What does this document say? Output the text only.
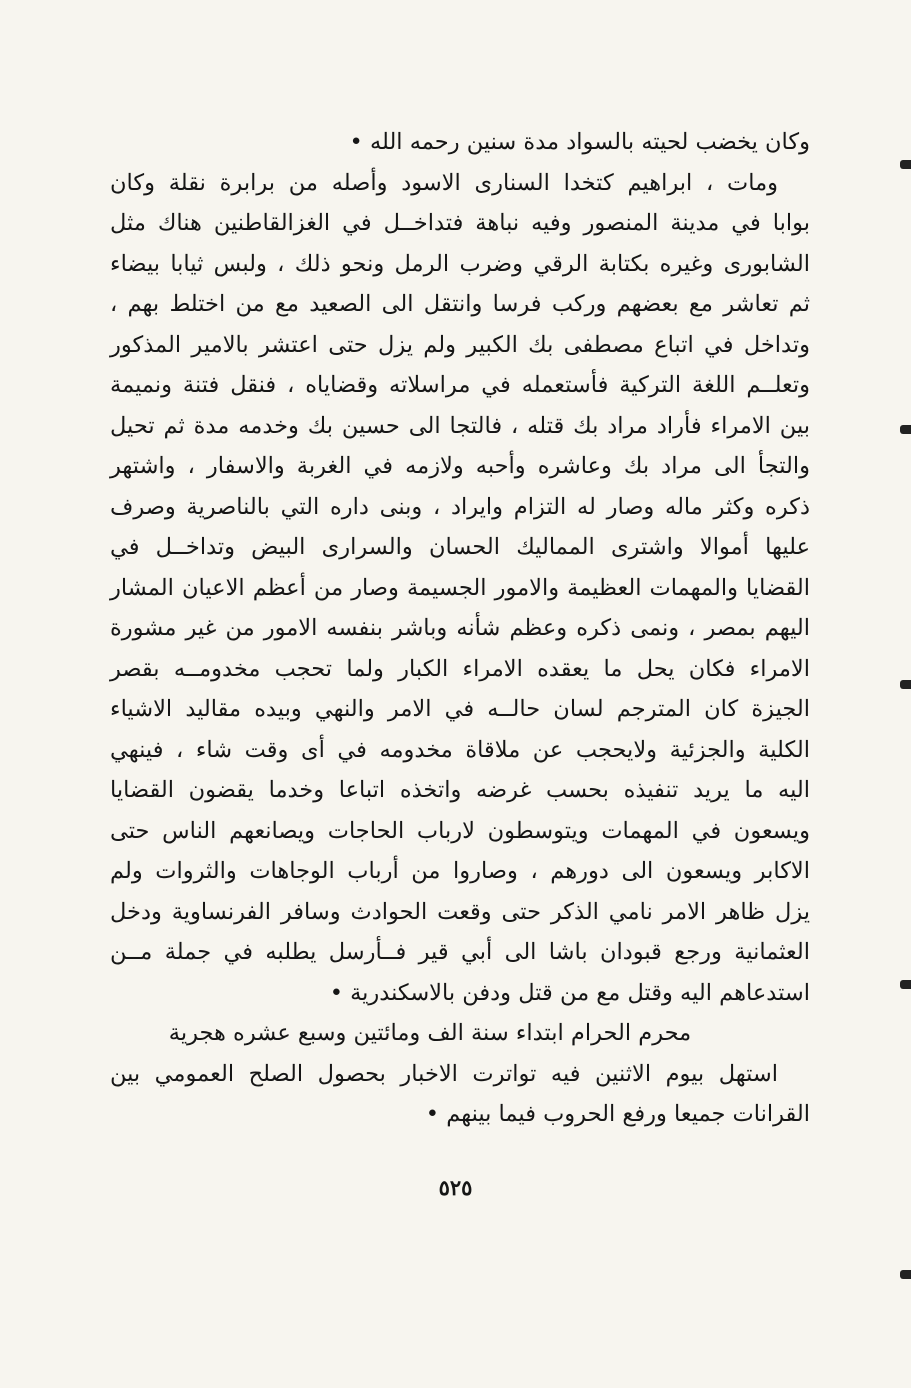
وكان يخضب لحيته بالسواد مدة سنين رحمه الله •
ومات ، ابراهيم كتخدا السنارى الاسود وأصله من برابرة نقلة وكان
بوابا في مدينة المنصور وفيه نباهة فتداخــل في الغزالقاطنين هناك مثل
الشابورى وغيره بكتابة الرقي وضرب الرمل ونحو ذلك ، ولبس ثيابا بيضاء
ثم تعاشر مع بعضهم وركب فرسا وانتقل الى الصعيد مع من اختلط بهم ،
وتداخل في اتباع مصطفى بك الكبير ولم يزل حتى اعتشر بالامير المذكور
وتعلــم اللغة التركية فأستعمله في مراسلاته وقضاياه ، فنقل فتنة ونميمة
بين الامراء فأراد مراد بك قتله ، فالتجا الى حسين بك وخدمه مدة ثم تحيل
والتجأ الى مراد بك وعاشره وأحبه ولازمه في الغربة والاسفار ، واشتهر
ذكره وكثر ماله وصار له التزام وايراد ، وبنى داره التي بالناصرية وصرف
عليها أموالا واشترى المماليك الحسان والسرارى البيض وتداخــل في
القضايا والمهمات العظيمة والامور الجسيمة وصار من أعظم الاعيان المشار
اليهم بمصر ، ونمى ذكره وعظم شأنه وباشر بنفسه الامور من غير مشورة
الامراء فكان يحل ما يعقده الامراء الكبار ولما تحجب مخدومــه بقصر
الجيزة كان المترجم لسان حالــه في الامر والنهي وبيده مقاليد الاشياء
الكلية والجزئية ولايحجب عن ملاقاة مخدومه في أى وقت شاء ، فينهي
اليه ما يريد تنفيذه بحسب غرضه واتخذه اتباعا وخدما يقضون القضايا
ويسعون في المهمات ويتوسطون لارباب الحاجات ويصانعهم الناس حتى
الاكابر ويسعون الى دورهم ، وصاروا من أرباب الوجاهات والثروات ولم
يزل ظاهر الامر نامي الذكر حتى وقعت الحوادث وسافر الفرنساوية ودخل
العثمانية ورجع قبودان باشا الى أبي قير فــأرسل يطلبه في جملة مــن
استدعاهم اليه وقتل مع من قتل ودفن بالاسكندرية •
محرم الحرام ابتداء سنة الف ومائتين وسبع عشره هجرية
استهل بيوم الاثنين فيه تواترت الاخبار بحصول الصلح العمومي بين
القرانات جميعا ورفع الحروب فيما بينهم •
٥٢٥
